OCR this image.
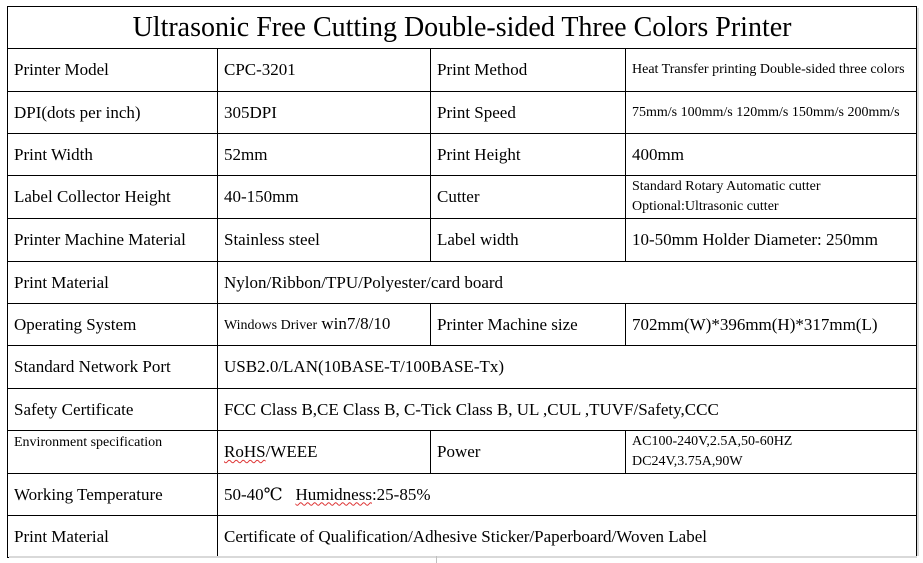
Ultrasonic Free Cutting Double-sided Three Colors Printer			
Printer Model	CPC-3201	Print Method	Heat Transfer printing Double-sided three colors
DPI(dots per inch)	305DPI	Print Speed	75mm/s 100mm/s 120mm/s 150mm/s 200mm/s
Print Width	52mm	Print Height	400mm
Label Collector Height	40-150mm	Cutter	Standard Rotary Automatic cutter
Optional:Ultrasonic cutter

Printer Machine Material	Stainless steel	Label width	10-50mm Holder Diameter: 250mm
Print Material	Nylon/Ribbon/TPU/Polyester/card board		
Operating System	Windows Driver win7/8/10	Printer Machine size	702mm(W)*396mm(H)*317mm(L)
Standard Network Port	USB2.0/LAN(10BASE-T/100BASE-Tx)		
Safety Certificate	FCC Class B,CE Class B, C-Tick Class B, UL ,CUL ,TUVF/Safety,CCC		
Environment specification	RoHS/WEEE	Power	AC100-240V,2.5A,50-60HZ
DC24V,3.75A,90W

Working Temperature	50-40℃ Humidness:25-85%		
Print Material	Certificate of Qualification/Adhesive Sticker/Paperboard/Woven Label		
